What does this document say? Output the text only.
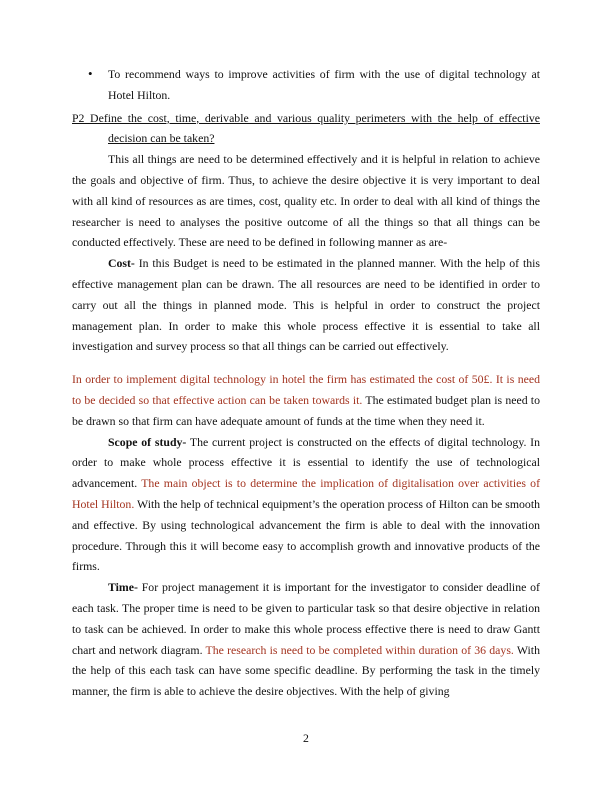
• To recommend ways to improve activities of firm with the use of digital technology at Hotel Hilton.

P2 Define the cost, time, derivable and various quality perimeters with the help of effective decision can be taken?

This all things are need to be determined effectively and it is helpful in relation to achieve the goals and objective of firm. Thus, to achieve the desire objective it is very important to deal with all kind of resources as are times, cost, quality etc. In order to deal with all kind of things the researcher is need to analyses the positive outcome of all the things so that all things can be conducted effectively. These are need to be defined in following manner as are-

Cost- In this Budget is need to be estimated in the planned manner. With the help of this effective management plan can be drawn. The all resources are need to be identified in order to carry out all the things in planned mode. This is helpful in order to construct the project management plan. In order to make this whole process effective it is essential to take all investigation and survey process so that all things can be carried out effectively.

In order to implement digital technology in hotel the firm has estimated the cost of 50£. It is need to be decided so that effective action can be taken towards it. The estimated budget plan is need to be drawn so that firm can have adequate amount of funds at the time when they need it.

Scope of study- The current project is constructed on the effects of digital technology. In order to make whole process effective it is essential to identify the use of technological advancement. The main object is to determine the implication of digitalisation over activities of Hotel Hilton. With the help of technical equipment’s the operation process of Hilton can be smooth and effective. By using technological advancement the firm is able to deal with the innovation procedure. Through this it will become easy to accomplish growth and innovative products of the firms.

Time- For project management it is important for the investigator to consider deadline of each task. The proper time is need to be given to particular task so that desire objective in relation to task can be achieved. In order to make this whole process effective there is need to draw Gantt chart and network diagram. The research is need to be completed within duration of 36 days. With the help of this each task can have some specific deadline. By performing the task in the timely manner, the firm is able to achieve the desire objectives. With the help of giving

2
